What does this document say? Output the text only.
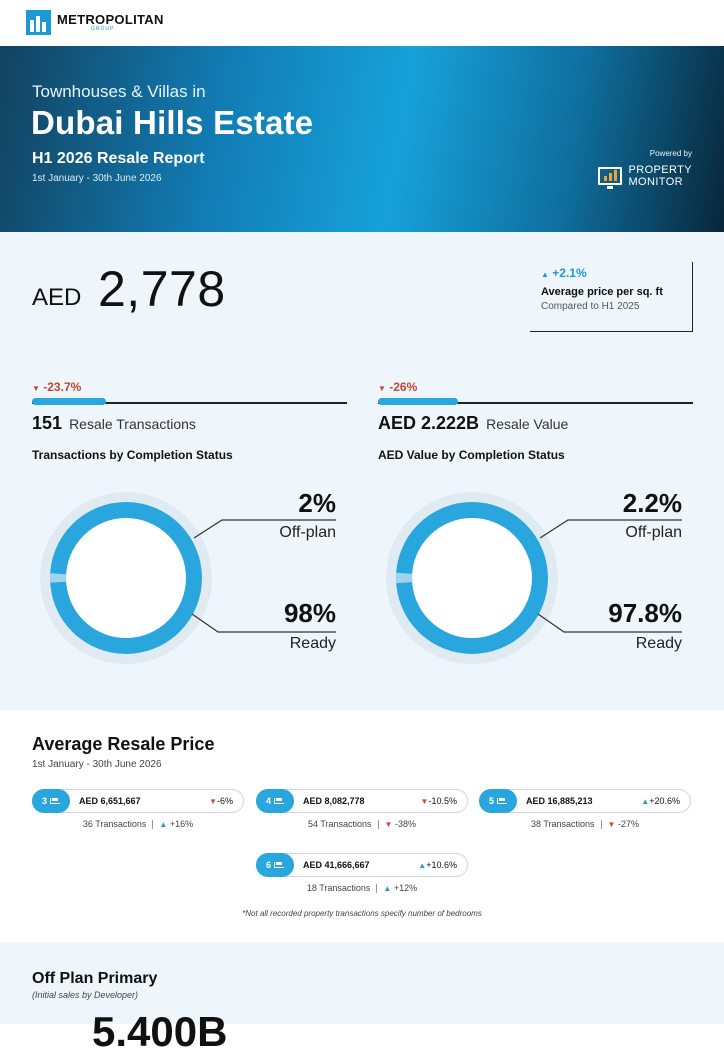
METROPOLITAN
GROUP
Townhouses & Villas in
Dubai Hills Estate
H1 2026 Resale Report
1st January - 30th June 2026
Powered by
PROPERTY
MONITOR
AED 2,778	▲ +2.1%
Average price per sq. ft
Compared to H1 2025
▼ -23.7%
151 Resale Transactions
Transactions by Completion Status
▼ -26%
AED 2.222B Resale Value
AED Value by Completion Status
2%
Off-plan
98%
Ready
2.2%
Off-plan
97.8%
Ready
Average Resale Price
1st January - 30th June 2026
3	AED 6,651,667	▼-6%
36 Transactions ▲ +16%
4	AED 8,082,778	▼-10.5%
54 Transactions ▼ -38%
5	AED 16,885,213	▲+20.6%
38 Transactions ▼ -27%
6	AED 41,666,667	▲+10.6%
18 Transactions ▲ +12%
*Not all recorded property transactions specify number of bedrooms
Off Plan Primary
(Initial sales by Developer)
5.400B
